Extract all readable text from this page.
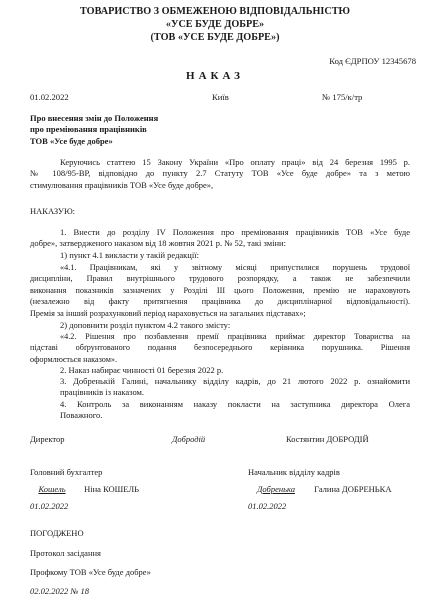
ТОВАРИСТВО З ОБМЕЖЕНОЮ ВІДПОВІДАЛЬНІСТЮ
«УСЕ БУДЕ ДОБРЕ»
(ТОВ «УСЕ БУДЕ ДОБРЕ»)
Код ЄДРПОУ 12345678
НАКАЗ
01.02.2022	Київ	№ 175/к/тр
Про внесення змін до Положення
про преміювання працівників
ТОВ «Усе буде добре»
Керуючись статтею 15 Закону України «Про оплату праці» від 24 березня 1995 р.
№ 108/95-ВР, відповідно до пункту 2.7 Статуту ТОВ «Усе буде добре» та з метою
стимулювання працівників ТОВ «Усе буде добре»,
НАКАЗУЮ:
1. Внести до розділу IV Положення про преміювання працівників ТОВ «Усе буде
добре», затвердженого наказом від 18 жовтня 2021 р. № 52, такі зміни:
1) пункт 4.1 викласти у такій редакції:
«4.1. Працівникам, які у звітному місяці припустилися порушень трудової
дисципліни, Правил внутрішнього трудового розпорядку, а також не забезпечили
виконання показників зазначених у Розділі ІІІ цього Положення, премію не нараховують
(незалежно від факту притягнення працівника до дисциплінарної відповідальності).
Премія за інший розрахунковий період нараховується на загальних підставах»;
2) доповнити розділ пунктом 4.2 такого змісту:
«4.2. Рішення про позбавлення премії працівника приймає директор Товариства на
підставі обґрунтованого подання безпосереднього керівника порушника. Рішення
оформлюється наказом».
2. Наказ набирає чинності 01 березня 2022 р.
3. Добренькій Галині, начальнику відділу кадрів, до 21 лютого 2022 р. ознайомити
працівників із наказом.
4. Контроль за виконанням наказу покласти на заступника директора Олега
Поважного.
Директор	Добродій	Костянтин ДОБРОДІЙ
Головний бухгалтер	Начальник відділу кадрів
Кошель Ніна КОШЕЛЬ	Добренька Галина ДОБРЕНЬКА
01.02.2022	01.02.2022
ПОГОДЖЕНО
Протокол засідання
Профкому ТОВ «Усе буде добре»
02.02.2022 № 18
